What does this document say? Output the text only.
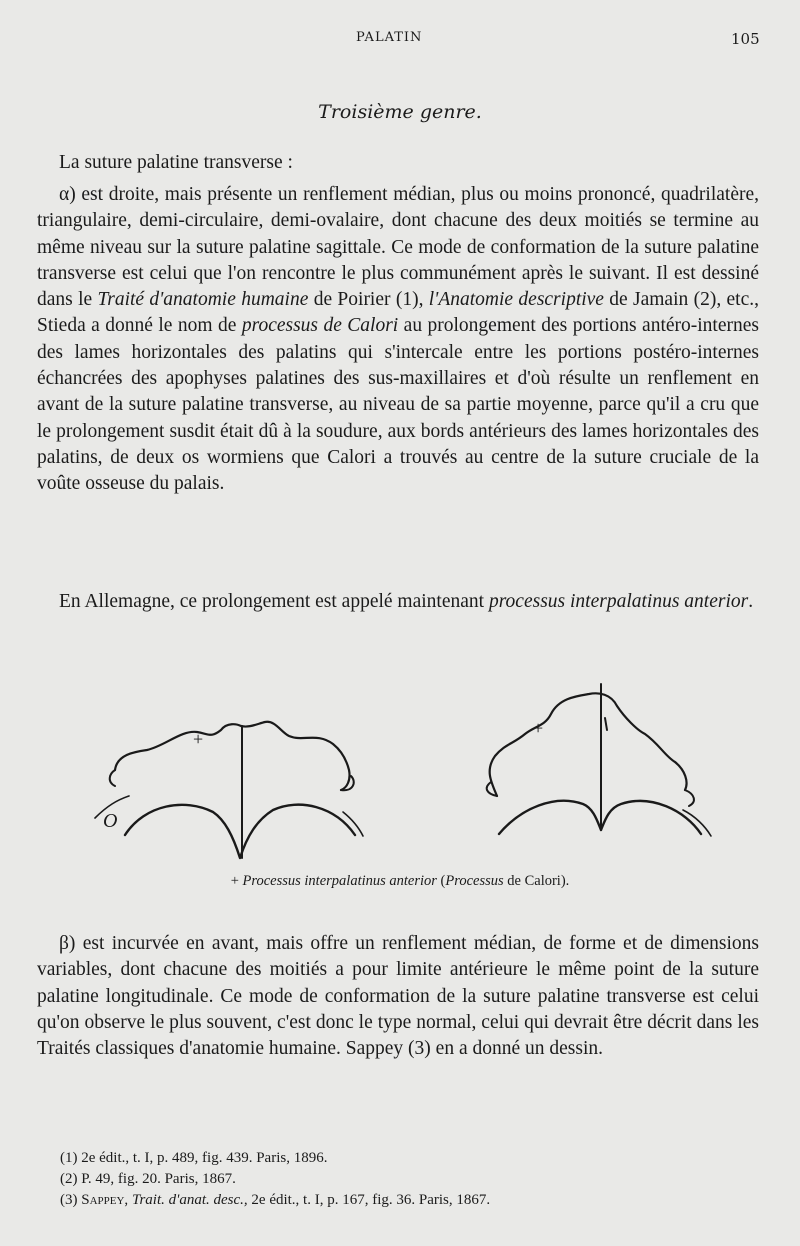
PALATIN	105
Troisième genre.

La suture palatine transverse :

α) est droite, mais présente un renflement médian, plus ou moins prononcé, quadrilatère, triangulaire, demi-circulaire, demi-ovalaire, dont chacune des deux moitiés se termine au même niveau sur la suture palatine sagittale. Ce mode de conformation de la suture palatine transverse est celui que l'on rencontre le plus communément après le suivant. Il est dessiné dans le Traité d'anatomie humaine de Poirier (1), l'Anatomie descriptive de Jamain (2), etc., Stieda a donné le nom de processus de Calori au prolongement des portions antéro-internes des lames horizontales des palatins qui s'intercale entre les portions postéro-internes échancrées des apophyses palatines des sus-maxillaires et d'où résulte un renflement en avant de la suture palatine transverse, au niveau de sa partie moyenne, parce qu'il a cru que le prolongement susdit était dû à la soudure, aux bords antérieurs des lames horizontales des palatins, de deux os wormiens que Calori a trouvés au centre de la suture cruciale de la voûte osseuse du palais.

En Allemagne, ce prolongement est appelé maintenant processus interpalatinus anterior.

O
+
+
+ Processus interpalatinus anterior (Processus de Calori).

β) est incurvée en avant, mais offre un renflement médian, de forme et de dimensions variables, dont chacune des moitiés a pour limite antérieure le même point de la suture palatine longitudinale. Ce mode de conformation de la suture palatine transverse est celui qu'on observe le plus souvent, c'est donc le type normal, celui qui devrait être décrit dans les Traités classiques d'anatomie humaine. Sappey (3) en a donné un dessin.

(1) 2e édit., t. I, p. 489, fig. 439. Paris, 1896.

(2) P. 49, fig. 20. Paris, 1867.

(3) Sappey, Trait. d'anat. desc., 2e édit., t. I, p. 167, fig. 36. Paris, 1867.
